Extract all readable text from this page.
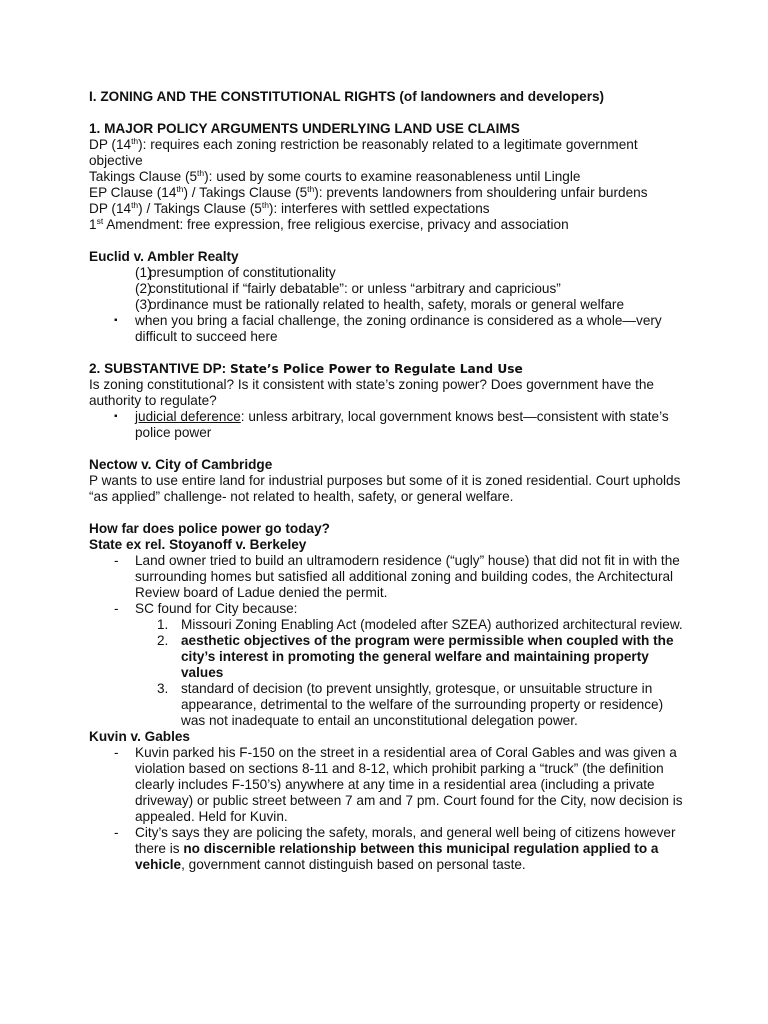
I. ZONING AND THE CONSTITUTIONAL RIGHTS (of landowners and developers)

1. MAJOR POLICY ARGUMENTS UNDERLYING LAND USE CLAIMS

DP (14th): requires each zoning restriction be reasonably related to a legitimate government objective

Takings Clause (5th): used by some courts to examine reasonableness until Lingle

EP Clause (14th) / Takings Clause (5th): prevents landowners from shouldering unfair burdens

DP (14th) / Takings Clause (5th): interferes with settled expectations

1st Amendment: free expression, free religious exercise, privacy and association

Euclid v. Ambler Realty

(1)
presumption of constitutionality

(2)
constitutional if “fairly debatable”: or unless “arbitrary and capricious”

(3)
ordinance must be rationally related to health, safety, morals or general welfare

▪ when you bring a facial challenge, the zoning ordinance is considered as a whole—very difficult to succeed here

2. SUBSTANTIVE DP: State’s Police Power to Regulate Land Use

Is zoning constitutional? Is it consistent with state’s zoning power? Does government have the authority to regulate?

▪ judicial deference: unless arbitrary, local government knows best—consistent with state’s police power

Nectow v. City of Cambridge

P wants to use entire land for industrial purposes but some of it is zoned residential. Court upholds “as applied” challenge- not related to health, safety, or general welfare.

How far does police power go today?

State ex rel. Stoyanoff v. Berkeley

- Land owner tried to build an ultramodern residence (“ugly” house) that did not fit in with the surrounding homes but satisfied all additional zoning and building codes, the Architectural Review board of Ladue denied the permit.

- SC found for City because:

1. Missouri Zoning Enabling Act (modeled after SZEA) authorized architectural review.

2. aesthetic objectives of the program were permissible when coupled with the city’s interest in promoting the general welfare and maintaining property values

3. standard of decision (to prevent unsightly, grotesque, or unsuitable structure in appearance, detrimental to the welfare of the surrounding property or residence) was not inadequate to entail an unconstitutional delegation power.

Kuvin v. Gables

- Kuvin parked his F-150 on the street in a residential area of Coral Gables and was given a violation based on sections 8-11 and 8-12, which prohibit parking a “truck” (the definition clearly includes F-150’s) anywhere at any time in a residential area (including a private driveway) or public street between 7 am and 7 pm. Court found for the City, now decision is appealed. Held for Kuvin.

- City’s says they are policing the safety, morals, and general well being of citizens however there is no discernible relationship between this municipal regulation applied to a vehicle, government cannot distinguish based on personal taste.
